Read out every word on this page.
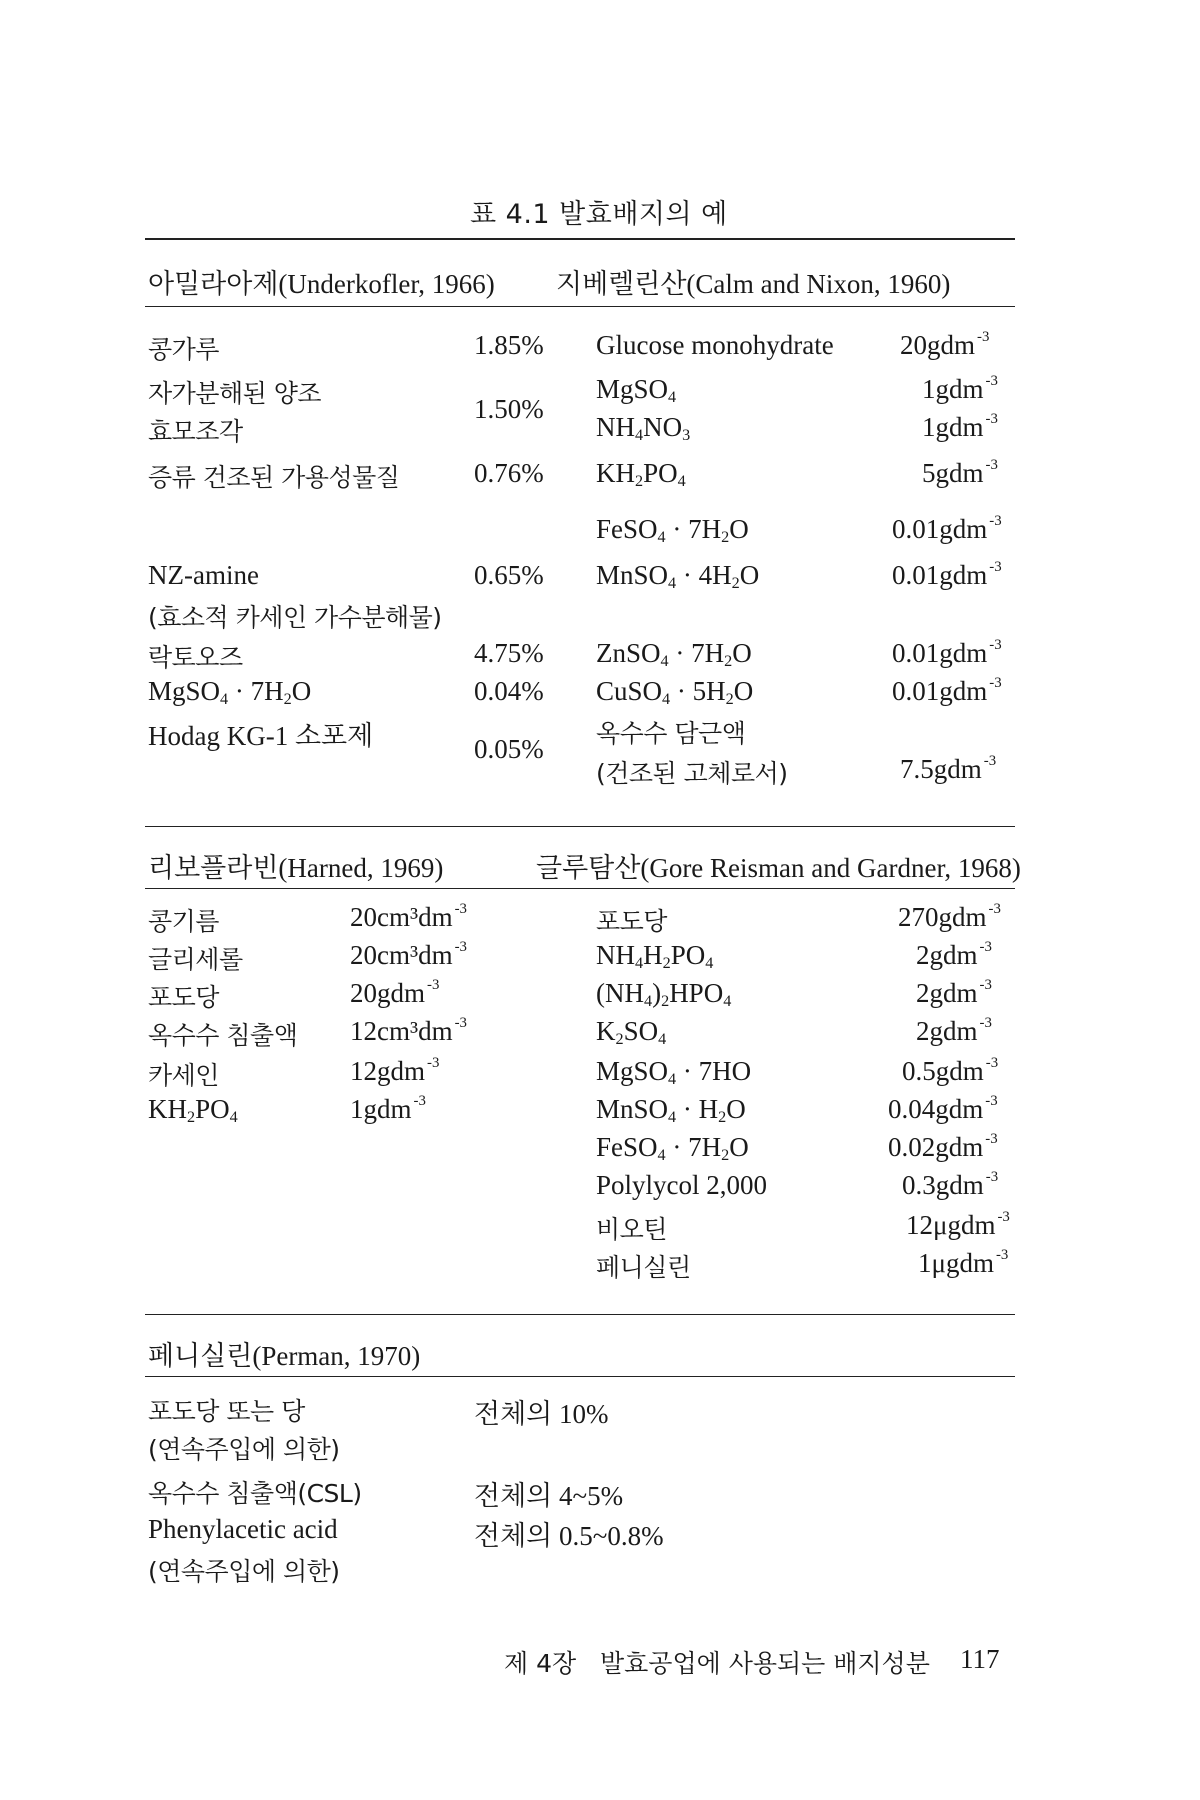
표 4.1 발효배지의 예
아밀라아제(Underkofler, 1966) 지베렐린산(Calm and Nixon, 1960)
콩가루	1.85%
자가분해된 양조
효모조각
1.50%
증류 건조된 가용성물질	0.76%
NZ-amine	0.65%
(효소적 카세인 가수분해물)
락토오즈	4.75%
MgSO$_4$ · $7H_2O$	0.04%
Hodag KG-1 소포제	0.05%
Glucose monohydrate 20gdm $^{-3}$
MgSO$_4$	1gdm $^{-3}$
$NH_4NO_3$	1gdm $^{-3}$
$KH_2PO_4$	5gdm $^{-3}$
FeSO$_4$ · $7H_2O$	0.01gdm $^{-3}$
MnSO$_4$ · $4H_2O$	0.01gdm $^{-3}$
ZnSO$_4$ · $7H_2O$	0.01gdm $^{-3}$
CuSO$_4$ · $5H_2O$	0.01gdm $^{-3}$
옥수수 담근액
(건조된 고체로서)	7.5gdm $^{-3}$
리보플라빈(Harned, 1969)	글루탐산(Gore Reisman and Gardner, 1968)
콩기름	20cm³dm $^{-3}$
글리세롤	20cm³dm $^{-3}$
포도당	20gdm $^{-3}$
옥수수 침출액 12cm³dm $^{-3}$
카세인	12gdm $^{-3}$
$KH_2PO_4$	1gdm $^{-3}$
포도당	270gdm $^{-3}$
$NH_4H_2PO_4$	2gdm $^{-3}$
$(NH_4)_2HPO_4$	2gdm $^{-3}$
$K_2SO_4$	2gdm $^{-3}$
MgSO$_4$ · 7HO	0.5gdm $^{-3}$
MnSO$_4$ · $H_2O$	0.04gdm $^{-3}$
FeSO$_4$ · $7H_2O$	0.02gdm $^{-3}$
Polylycol 2,000	0.3gdm $^{-3}$
비오틴	12μgdm $^{-3}$
페니실린	1μgdm $^{-3}$
페니실린(Perman, 1970)
포도당 또는 당	전체의 10%
(연속주입에 의한)
옥수수 침출액(CSL)	전체의 4~5%
Phenylacetic acid	전체의 0.5~0.8%
(연속주입에 의한)
제 4장 발효공업에 사용되는 배지성분 117
